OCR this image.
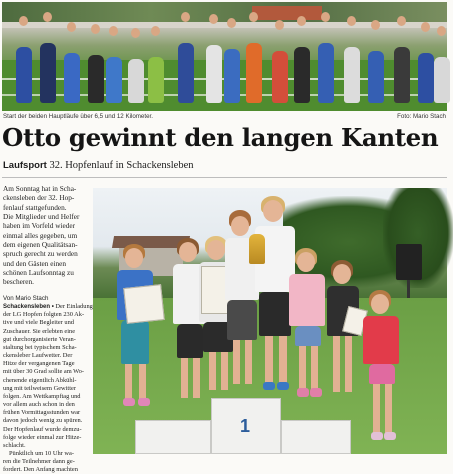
Start der beiden Hauptläufe über 6,5 und 12 Kilometer.	Foto: Mario Stach
Otto gewinnt den langen Kanten
Laufsport 32. Hopfenlauf in Schackensleben
Am Sonntag hat in Scha-
ckensleben der 32. Hop-
fenlauf stattgefunden.
Die Mitglieder und Helfer
haben im Vorfeld wieder
einmal alles gegeben, um
dem eigenen Qualitätsan-
spruch gerecht zu werden
und den Gästen einen
schönen Laufsonntag zu
bescheren.
Von Mario Stach
Schackensleben • Der Einladung
der LG Hopfen folgten 230 Ak-
tive und viele Begleiter und
Zuschauer. Sie erlebten eine
gut durchorganisierte Veran-
staltung bei typischem Scha-
ckensleber Laufwetter. Der
Hitze der vergangenen Tage
mit über 30 Grad sollte am Wo-
chenende eigentlich Abkühl-
ung mit teilweisem Gewitter
folgen. Am Wettkampftag und
vor allem auch schon in den
frühen Vormittagsstunden war
davon jedoch wenig zu spüren.
Der Hopfenlauf wurde demzu-
folge wieder einmal zur Hitze-
schlacht.
Pünktlich um 10 Uhr wa-
ren die Teilnehmer dann ge-
fordert. Den Anfang machten
1
